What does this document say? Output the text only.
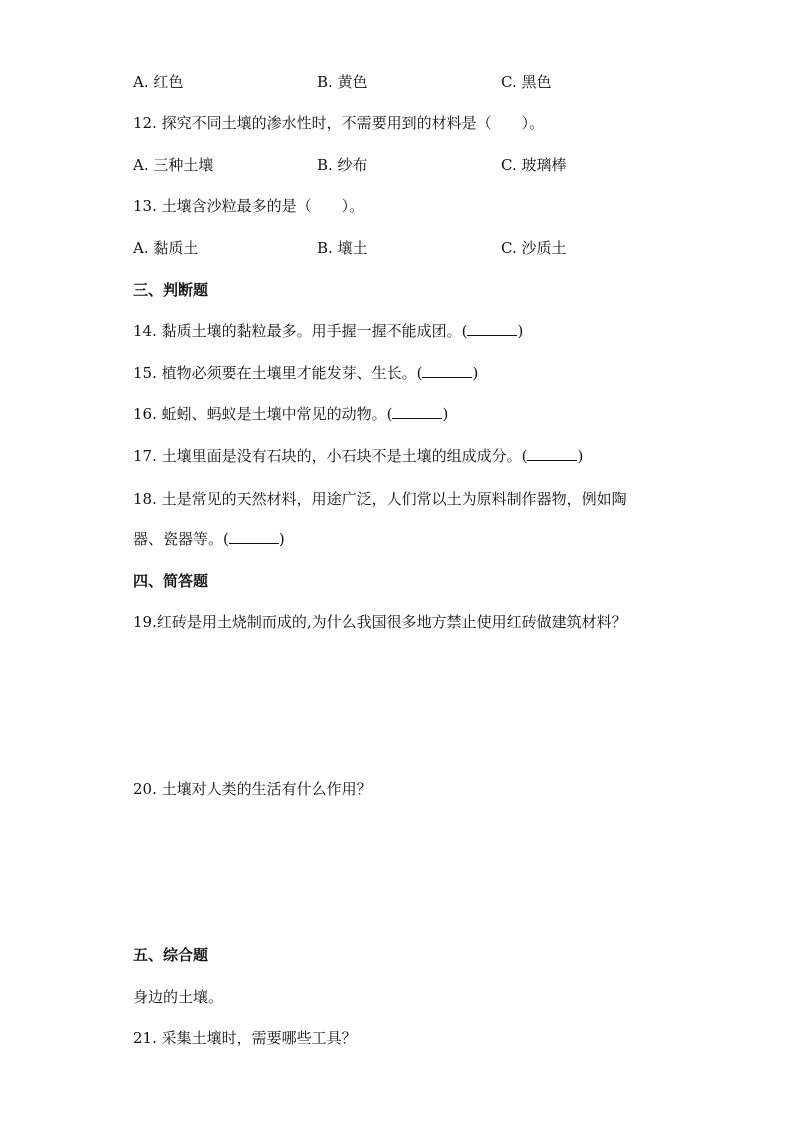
A. 红色	B. 黄色	C. 黑色
12. 探究不同土壤的渗水性时，不需要用到的材料是（　　）。
A. 三种土壤	B. 纱布	C. 玻璃棒
13. 土壤含沙粒最多的是（　　）。
A. 黏质土	B. 壤土	C. 沙质土
三、判断题
14. 黏质土壤的黏粒最多。用手握一握不能成团。(	)
15. 植物必须要在土壤里才能发芽、生长。(	)
16. 蚯蚓、蚂蚁是土壤中常见的动物。(	)
17. 土壤里面是没有石块的，小石块不是土壤的组成成分。(	)
18. 土是常见的天然材料，用途广泛，人们常以土为原料制作器物，例如陶
器、瓷器等。(	)
四、简答题
19.红砖是用土烧制而成的,为什么我国很多地方禁止使用红砖做建筑材料？
20. 土壤对人类的生活有什么作用？
五、综合题
身边的土壤。
21. 采集土壤时，需要哪些工具？
